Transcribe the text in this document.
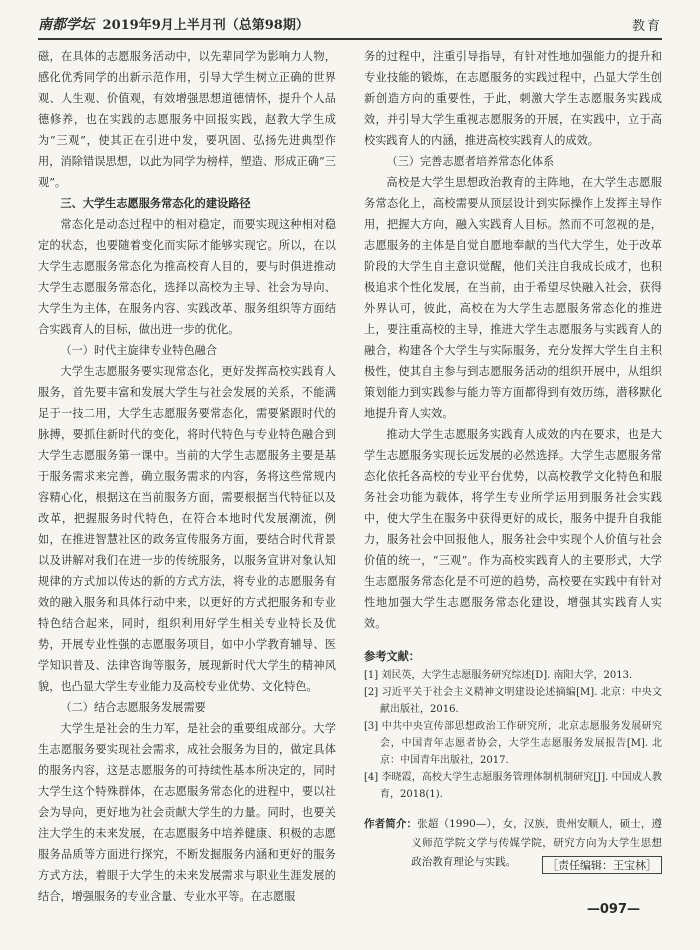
南都学坛 2019年9月上半月刊（总第98期）	教育

磁，在具体的志愿服务活动中，以先辈同学为影响力人物，感化优秀同学的出新示范作用，引导大学生树立正确的世界观、人生观、价值观，有效增强思想道德情怀，提升个人品德修养，也在实践的志愿服务中回报实践，赵教大学生成为“三观”，使其正在引进中发，要巩固、弘扬先进典型作用，消除错误思想，以此为同学为榜样，塑造、形成正确“三观”。

三、大学生志愿服务常态化的建设路径

常态化是动态过程中的相对稳定，而要实现这种相对稳定的状态，也要随着变化而实际才能够实现它。所以，在以大学生志愿服务常态化为推高校育人目的，要与时俱进推动大学生志愿服务常态化，选择以高校为主导、社会为导向、大学生为主体，在服务内容、实践改革、服务组织等方面结合实践育人的目标，做出进一步的优化。

（一）时代主旋律专业特色融合

大学生志愿服务要实现常态化，更好发挥高校实践育人服务，首先要丰富和发展大学生与社会发展的关系，不能满足于一技二用，大学生志愿服务要常态化，需要紧跟时代的脉搏，要抓住新时代的变化，将时代特色与专业特色融合到大学生志愿服务第一课中。当前的大学生志愿服务主要是基于服务需求来完善，确立服务需求的内容，务将这些常规内容精心化，根据这在当前服务方面，需要根据当代特征以及改革，把握服务时代特色，在符合本地时代发展潮流，例如，在推进智慧社区的政务宣传服务方面，要结合时代背景以及讲解对我们在进一步的传统服务，以服务宣讲对象认知规律的方式加以传达的新的方式方法，将专业的志愿服务有效的融入服务和具体行动中来，以更好的方式把服务和专业特色结合起来，同时，组织利用好学生相关专业特长及优势，开展专业性强的志愿服务项目，如中小学教育辅导、医学知识普及、法律咨询等服务，展现新时代大学生的精神风貌，也凸显大学生专业能力及高校专业优势、文化特色。

（二）结合志愿服务发展需要

大学生是社会的生力军，是社会的重要组成部分。大学生志愿服务要实现社会需求，成社会服务为目的，做定具体的服务内容，这是志愿服务的可持续性基本所决定的，同时大学生这个特殊群体，在志愿服务常态化的进程中，要以社会为导向，更好地为社会贡献大学生的力量。同时，也要关注大学生的未来发展，在志愿服务中培养健康、积极的志愿服务品质等方面进行探究，不断发掘服务内涵和更好的服务方式方法，着眼于大学生的未来发展需求与职业生涯发展的结合，增强服务的专业含量、专业水平等。在志愿服

务的过程中，注重引导指导，有针对性地加强能力的提升和专业技能的锻炼，在志愿服务的实践过程中，凸显大学生创新创造方向的重要性，于此，刺激大学生志愿服务实践成效，并引导大学生重视志愿服务的开展，在实践中，立于高校实践育人的内涵，推进高校实践育人的成效。

（三）完善志愿者培养常态化体系

高校是大学生思想政治教育的主阵地，在大学生志愿服务常态化上，高校需要从顶层设计到实际操作上发挥主导作用，把握大方向，融入实践育人目标。然而不可忽视的是，志愿服务的主体是自觉自愿地奉献的当代大学生，处于改革阶段的大学生自主意识觉醒，他们关注自我成长成才，也积极追求个性化发展，在当前，由于希望尽快融入社会，获得外界认可，彼此，高校在为大学生志愿服务常态化的推进上，要注重高校的主导，推进大学生志愿服务与实践育人的融合，构建各个大学生与实际服务，充分发挥大学生自主积极性，使其自主参与到志愿服务活动的组织开展中，从组织策划能力到实践参与能力等方面都得到有效历练，潜移默化地提升育人实效。

推动大学生志愿服务实践育人成效的内在要求，也是大学生志愿服务实现长远发展的必然选择。大学生志愿服务常态化依托各高校的专业平台优势，以高校教学文化特色和服务社会功能为载体，将学生专业所学运用到服务社会实践中，使大学生在服务中获得更好的成长，服务中提升自我能力，服务社会中回报他人，服务社会中实现个人价值与社会价值的统一，“三观”。作为高校实践育人的主要形式，大学生志愿服务常态化是不可逆的趋势，高校要在实践中有针对性地加强大学生志愿服务常态化建设，增强其实践育人实效。

参考文献：
[1] 刘民英，大学生志愿服务研究综述[D]. 南阳大学，2013.
[2] 习近平关于社会主义精神文明建设论述摘编[M]. 北京：中央文献出版社，2016.
[3] 中共中央宣传部思想政治工作研究所，北京志愿服务发展研究会，中国青年志愿者协会，大学生志愿服务发展报告[M]. 北京：中国青年出版社，2017.
[4] 李晓霞，高校大学生志愿服务管理体制机制研究[J]. 中国成人教育，2018(1).
作者简介：张超（1990—），女，汉族，贵州安顺人，硕士，遵义师范学院文学与传媒学院，研究方向为大学生思想政治教育理论与实践。	［责任编辑：王宝林］
—097—
